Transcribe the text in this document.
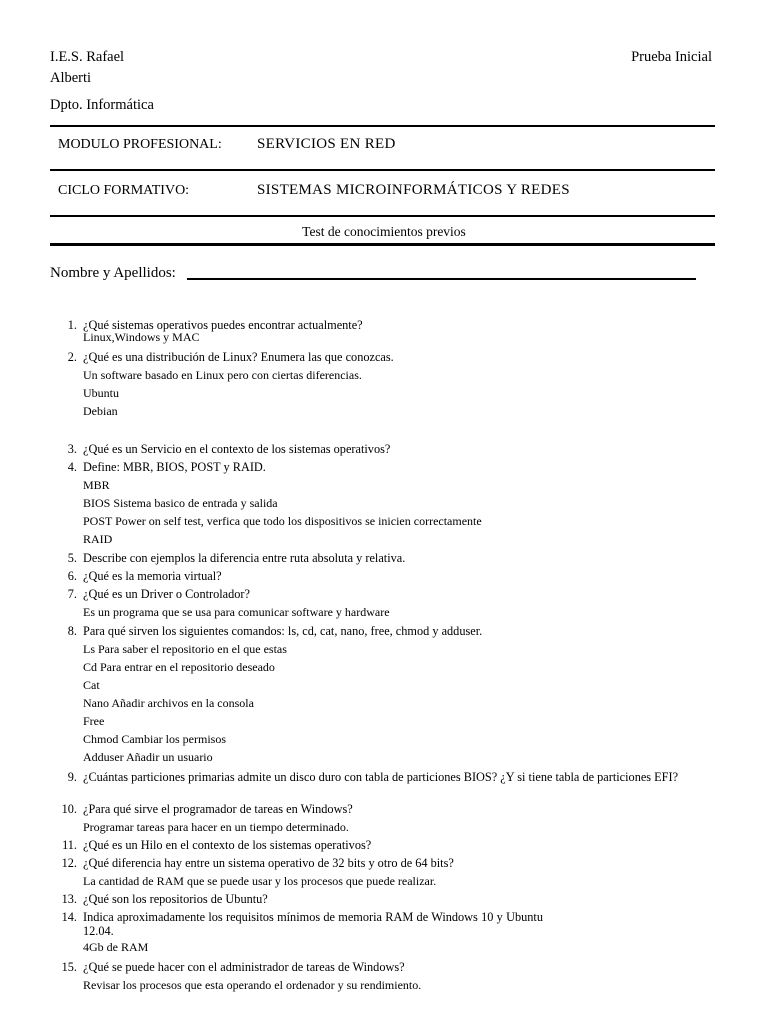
I.E.S. Rafael
Alberti
Dpto. Informática
Prueba Inicial
MODULO PROFESIONAL: SERVICIOS EN RED
CICLO FORMATIVO:	SISTEMAS MICROINFORMÁTICOS Y REDES
Test de conocimientos previos
Nombre y Apellidos:
1. ¿Qué sistemas operativos puedes encontrar actualmente?
Linux,Windows y MAC
2. ¿Qué es una distribución de Linux? Enumera las que conozcas.
Un software basado en Linux pero con ciertas diferencias.
Ubuntu
Debian
3. ¿Qué es un Servicio en el contexto de los sistemas operativos?
4. Define: MBR, BIOS, POST y RAID.
MBR
BIOS Sistema basico de entrada y salida
POST Power on self test, verfica que todo los dispositivos se inicien correctamente
RAID
5. Describe con ejemplos la diferencia entre ruta absoluta y relativa.
6. ¿Qué es la memoria virtual?
7. ¿Qué es un Driver o Controlador?
Es un programa que se usa para comunicar software y hardware
8. Para qué sirven los siguientes comandos: ls, cd, cat, nano, free, chmod y adduser.
Ls Para saber el repositorio en el que estas
Cd Para entrar en el repositorio deseado
Cat
Nano Añadir archivos en la consola
Free
Chmod Cambiar los permisos
Adduser Añadir un usuario
9. ¿Cuántas particiones primarias admite un disco duro con tabla de particiones BIOS? ¿Y si tiene tabla de particiones EFI?
10. ¿Para qué sirve el programador de tareas en Windows?
Programar tareas para hacer en un tiempo determinado.
11. ¿Qué es un Hilo en el contexto de los sistemas operativos?
12. ¿Qué diferencia hay entre un sistema operativo de 32 bits y otro de 64 bits?
La cantidad de RAM que se puede usar y los procesos que puede realizar.
13. ¿Qué son los repositorios de Ubuntu?
14. Indica aproximadamente los requisitos mínimos de memoria RAM de Windows 10 y Ubuntu 12.04.
4Gb de RAM
15. ¿Qué se puede hacer con el administrador de tareas de Windows?
Revisar los procesos que esta operando el ordenador y su rendimiento.
